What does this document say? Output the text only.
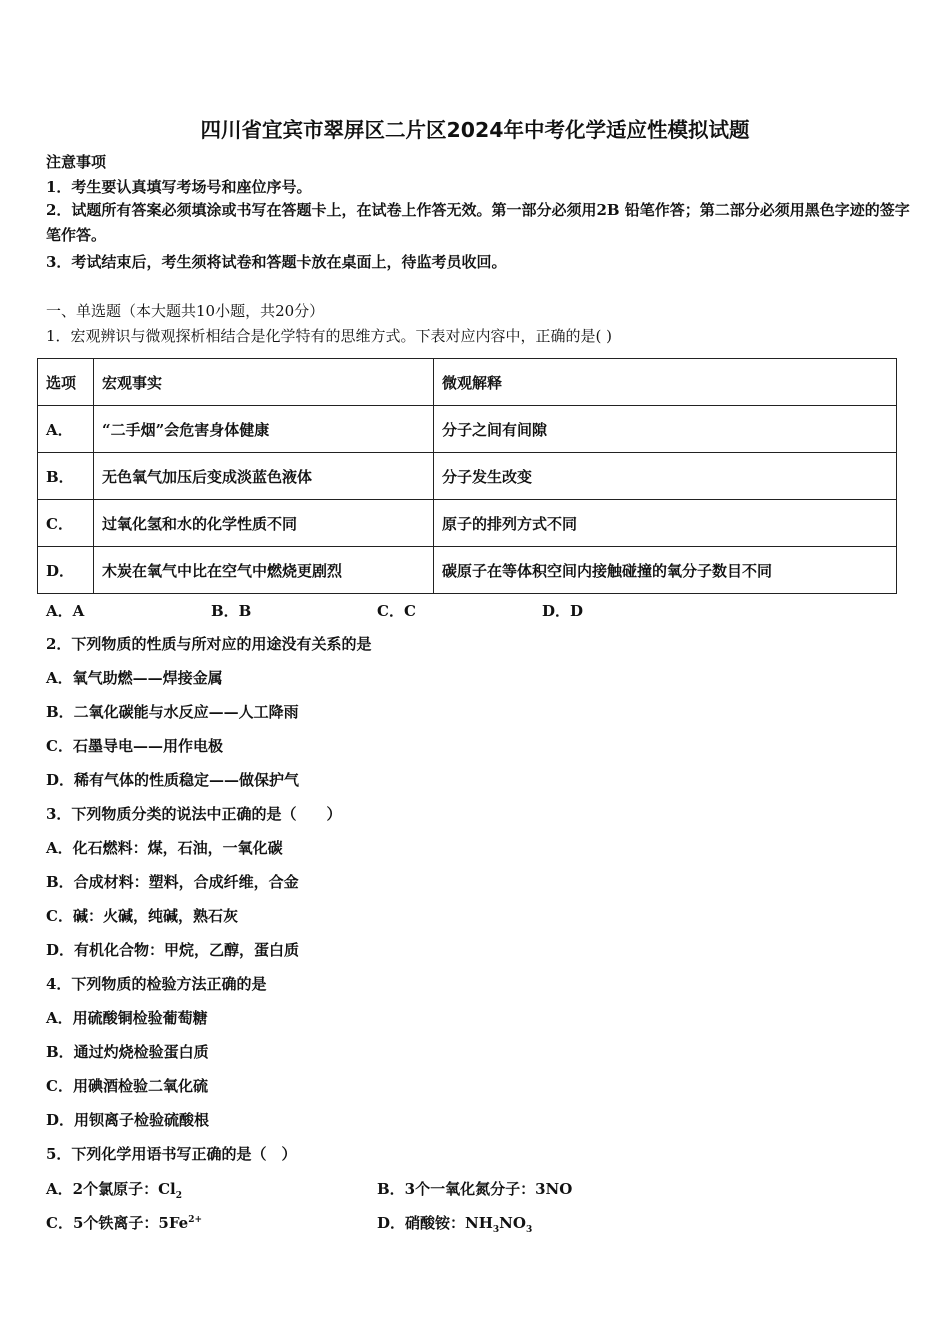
四川省宜宾市翠屏区二片区2024年中考化学适应性模拟试题
注意事项
1．考生要认真填写考场号和座位序号。
2．试题所有答案必须填涂或书写在答题卡上，在试卷上作答无效。第一部分必须用2B 铅笔作答；第二部分必须用黑色字迹的签字笔作答。
3．考试结束后，考生须将试卷和答题卡放在桌面上，待监考员收回。
一、单选题（本大题共10小题，共20分）
1．宏观辨识与微观探析相结合是化学特有的思维方式。下表对应内容中，正确的是( )
选项	宏观事实	微观解释
A．	“二手烟”会危害身体健康	分子之间有间隙
B．	无色氧气加压后变成淡蓝色液体	分子发生改变
C．	过氧化氢和水的化学性质不同	原子的排列方式不同
D．	木炭在氧气中比在空气中燃烧更剧烈	碳原子在等体积空间内接触碰撞的氧分子数目不同
A．A	B．B	C．C	D．D
2．下列物质的性质与所对应的用途没有关系的是
A．氧气助燃——焊接金属
B．二氧化碳能与水反应——人工降雨
C．石墨导电——用作电极
D．稀有气体的性质稳定——做保护气
3．下列物质分类的说法中正确的是（　　）
A．化石燃料：煤，石油，一氧化碳
B．合成材料：塑料，合成纤维，合金
C．碱：火碱，纯碱，熟石灰
D．有机化合物：甲烷，乙醇，蛋白质
4．下列物质的检验方法正确的是
A．用硫酸铜检验葡萄糖
B．通过灼烧检验蛋白质
C．用碘酒检验二氧化硫
D．用钡离子检验硫酸根
5．下列化学用语书写正确的是（　）
A．2个氯原子：$Cl_2$	B．3个一氧化氮分子：3NO
C．5个铁离子：$5Fe^{2+}$	D．硝酸铵：$NH_3NO_3$
